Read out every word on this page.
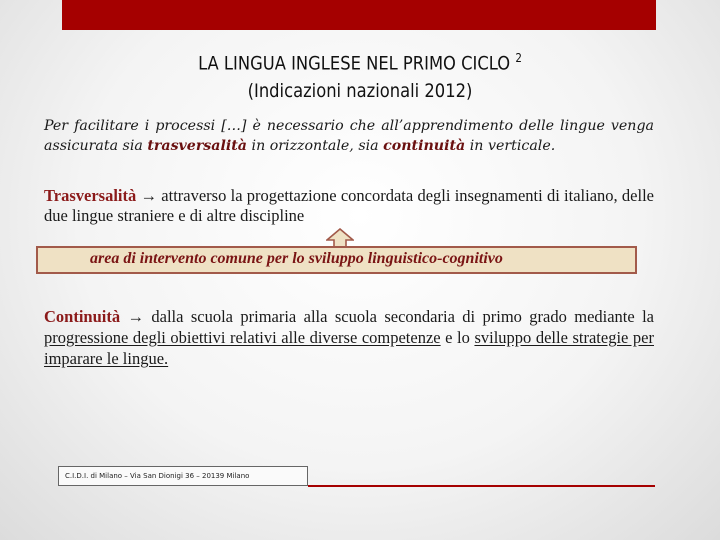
LA LINGUA INGLESE NEL PRIMO CICLO $^2$
(Indicazioni nazionali 2012)
Per facilitare i processi […] è necessario che all’apprendimento delle lingue venga assicurata sia trasversalità in orizzontale, sia continuità in verticale.
Trasversalità → attraverso la progettazione concordata degli insegnamenti di italiano, delle due lingue straniere e di altre discipline
area di intervento comune per lo sviluppo linguistico-cognitivo
Continuità → dalla scuola primaria alla scuola secondaria di primo grado mediante la progressione degli obiettivi relativi alle diverse competenze e lo sviluppo delle strategie per imparare le lingue.
C.I.D.I. di Milano – Via San Dionigi 36 – 20139 Milano
